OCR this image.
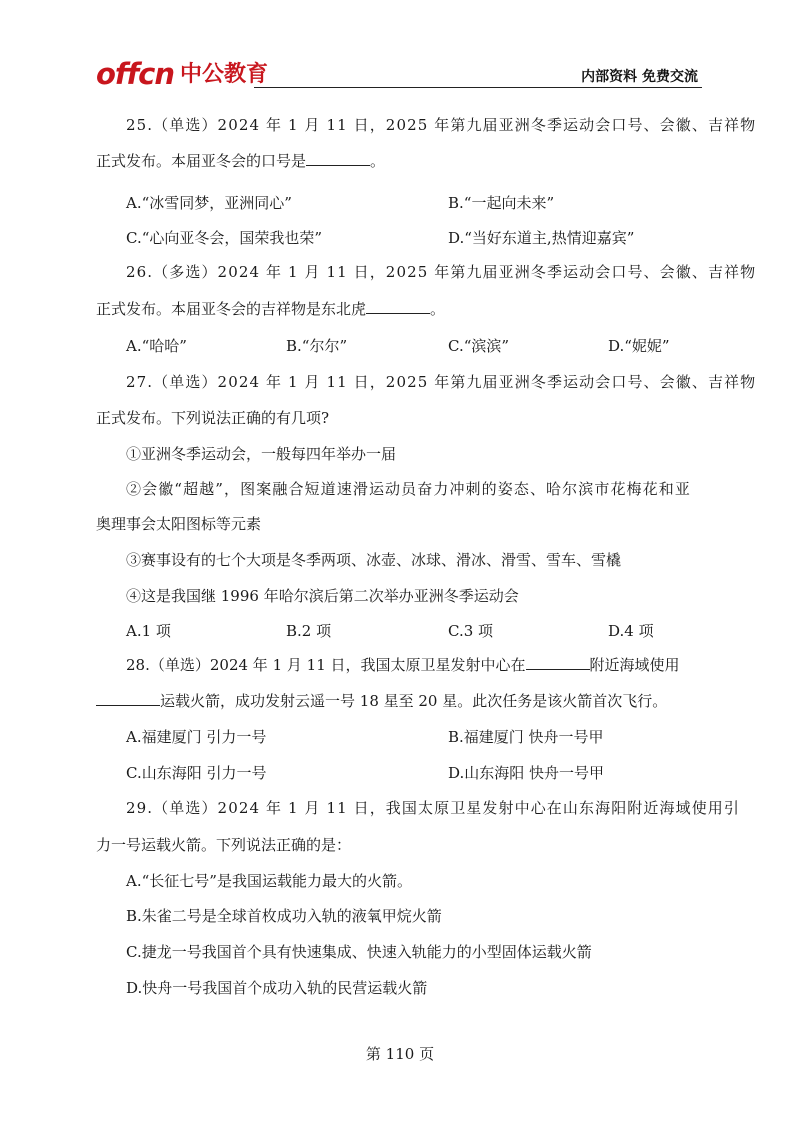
offcn 中公教育	内部资料 免费交流
25.（单选）2024 年 1 月 11 日，2025 年第九届亚洲冬季运动会口号、会徽、吉祥物
正式发布。本届亚冬会的口号是	。
A.“冰雪同梦，亚洲同心”	B.“一起向未来”
C.“心向亚冬会，国荣我也荣”	D.“当好东道主,热情迎嘉宾”
26.（多选）2024 年 1 月 11 日，2025 年第九届亚洲冬季运动会口号、会徽、吉祥物
正式发布。本届亚冬会的吉祥物是东北虎	。
A.“哈哈”	B.“尔尔”	C.“滨滨”	D.“妮妮”
27.（单选）2024 年 1 月 11 日，2025 年第九届亚洲冬季运动会口号、会徽、吉祥物
正式发布。下列说法正确的有几项?
①亚洲冬季运动会，一般每四年举办一届
②会徽“超越”，图案融合短道速滑运动员奋力冲刺的姿态、哈尔滨市花梅花和亚
奥理事会太阳图标等元素
③赛事设有的七个大项是冬季两项、冰壶、冰球、滑冰、滑雪、雪车、雪橇
④这是我国继 1996 年哈尔滨后第二次举办亚洲冬季运动会
A.1 项	B.2 项	C.3 项	D.4 项
28.（单选）2024 年 1 月 11 日，我国太原卫星发射中心在	附近海域使用
运载火箭，成功发射云遥一号 18 星至 20 星。此次任务是该火箭首次飞行。
A.福建厦门 引力一号	B.福建厦门 快舟一号甲
C.山东海阳 引力一号	D.山东海阳 快舟一号甲
29.（单选）2024 年 1 月 11 日，我国太原卫星发射中心在山东海阳附近海域使用引
力一号运载火箭。下列说法正确的是：
A.“长征七号”是我国运载能力最大的火箭。
B.朱雀二号是全球首枚成功入轨的液氧甲烷火箭
C.捷龙一号我国首个具有快速集成、快速入轨能力的小型固体运载火箭
D.快舟一号我国首个成功入轨的民营运载火箭
第 110 页
